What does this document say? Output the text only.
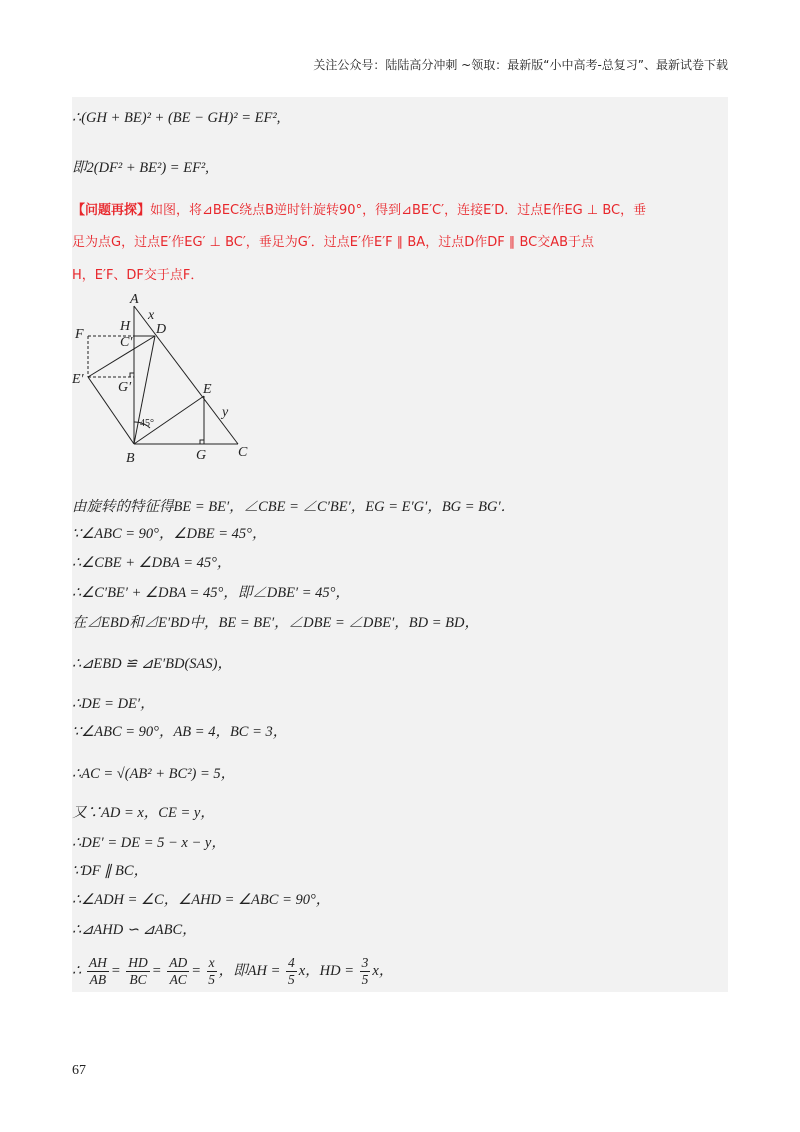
关注公众号：陆陆高分冲刺 ~领取：最新版“小中高考-总复习”、最新试卷下载
∴(GH + BE)² + (BE − GH)² = EF²,
即2(DF² + BE²) = EF²,
【问题再探】如图，将⊿BEC绕点B逆时针旋转90°，得到⊿BE′C′，连接E′D．过点E作EG ⊥ BC，垂
足为点G，过点E′作EG′ ⊥ BC′，垂足为G′．过点E′作E′F ∥ BA，过点D作DF ∥ BC交AB于点
H，E′F、DF交于点F．
A
B	C
D
E
F
G
H
C′
E′
G′
x
y
45°
由旋转的特征得BE = BE′，∠CBE = ∠C′BE′，EG = E′G′，BG = BG′．
∵∠ABC = 90°，∠DBE = 45°，
∴∠CBE + ∠DBA = 45°，
∴∠C′BE′ + ∠DBA = 45°，即∠DBE′ = 45°，
在⊿EBD和⊿E′BD中，BE = BE′，∠DBE = ∠DBE′，BD = BD，
∴⊿EBD ≌ ⊿E′BD(SAS)，
∴DE = DE′，
∵∠ABC = 90°，AB = 4，BC = 3，
∴AC = √(AB² + BC²) = 5，
又∵AD = x，CE = y，
∴DE′ = DE = 5 − x − y，
∵DF ∥ BC，
∴∠ADH = ∠C，∠AHD = ∠ABC = 90°，
∴⊿AHD ∽ ⊿ABC，
∴ $\frac{AH}{AB} = \frac{HD}{BC} = \frac{AD}{AC} = \frac{x}{5}$ ，即AH = $\frac{4}{5}$ x，HD = $\frac{3}{5}$ x，
67
